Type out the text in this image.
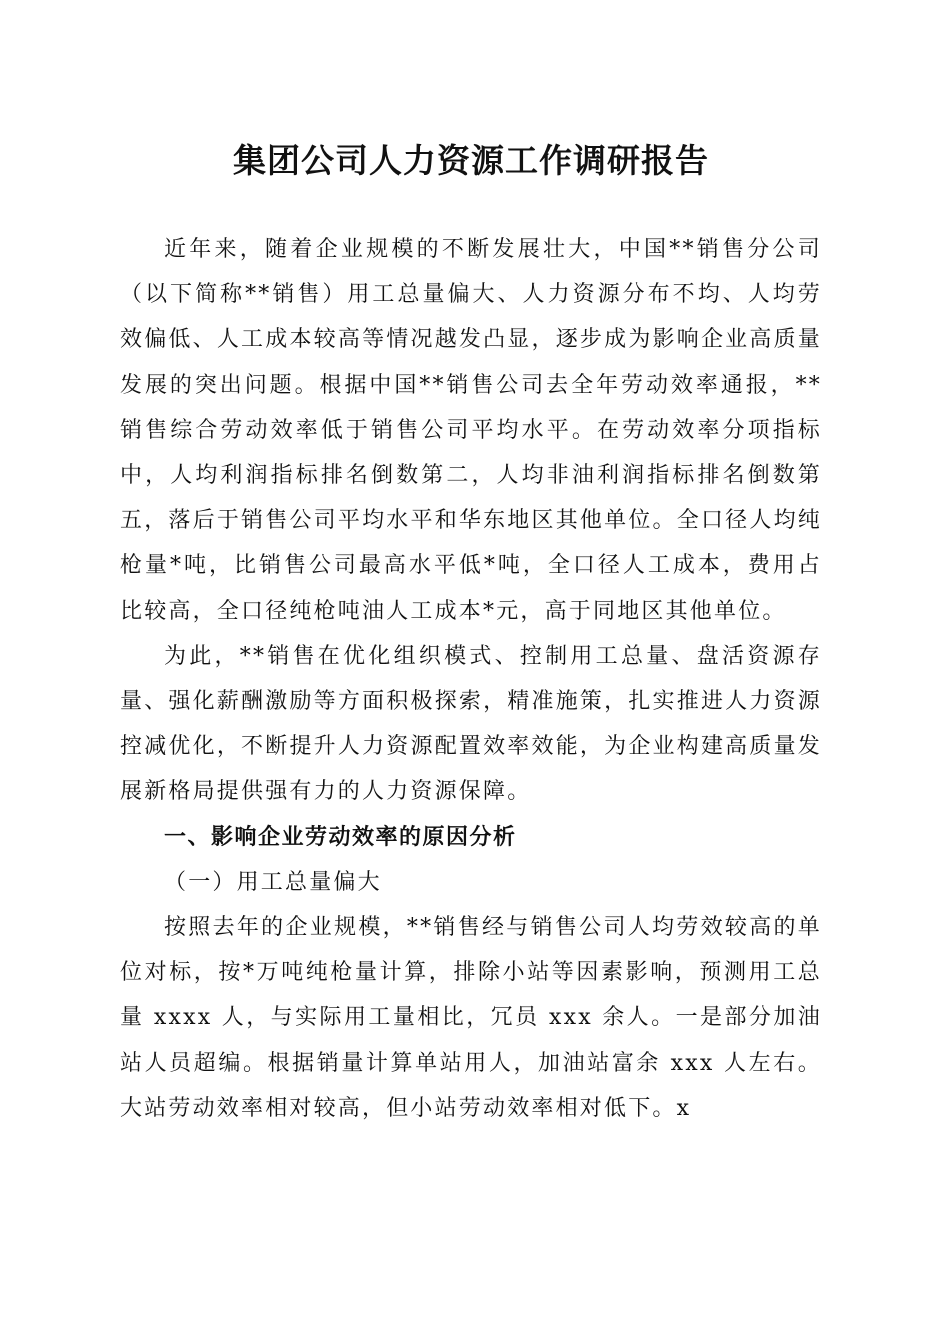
集团公司人力资源工作调研报告

近年来，随着企业规模的不断发展壮大，中国**销售分公司（以下简称**销售）用工总量偏大、人力资源分布不均、人均劳效偏低、人工成本较高等情况越发凸显，逐步成为影响企业高质量发展的突出问题。根据中国**销售公司去全年劳动效率通报，**销售综合劳动效率低于销售公司平均水平。在劳动效率分项指标中，人均利润指标排名倒数第二，人均非油利润指标排名倒数第五，落后于销售公司平均水平和华东地区其他单位。全口径人均纯枪量*吨，比销售公司最高水平低*吨，全口径人工成本，费用占比较高，全口径纯枪吨油人工成本*元，高于同地区其他单位。

为此，**销售在优化组织模式、控制用工总量、盘活资源存量、强化薪酬激励等方面积极探索，精准施策，扎实推进人力资源控减优化，不断提升人力资源配置效率效能，为企业构建高质量发展新格局提供强有力的人力资源保障。

一、影响企业劳动效率的原因分析

（一）用工总量偏大

按照去年的企业规模，**销售经与销售公司人均劳效较高的单位对标，按*万吨纯枪量计算，排除小站等因素影响，预测用工总量 xxxx 人，与实际用工量相比，冗员 xxx 余人。一是部分加油站人员超编。根据销量计算单站用人，加油站富余 xxx 人左右。大站劳动效率相对较高，但小站劳动效率相对低下。x
